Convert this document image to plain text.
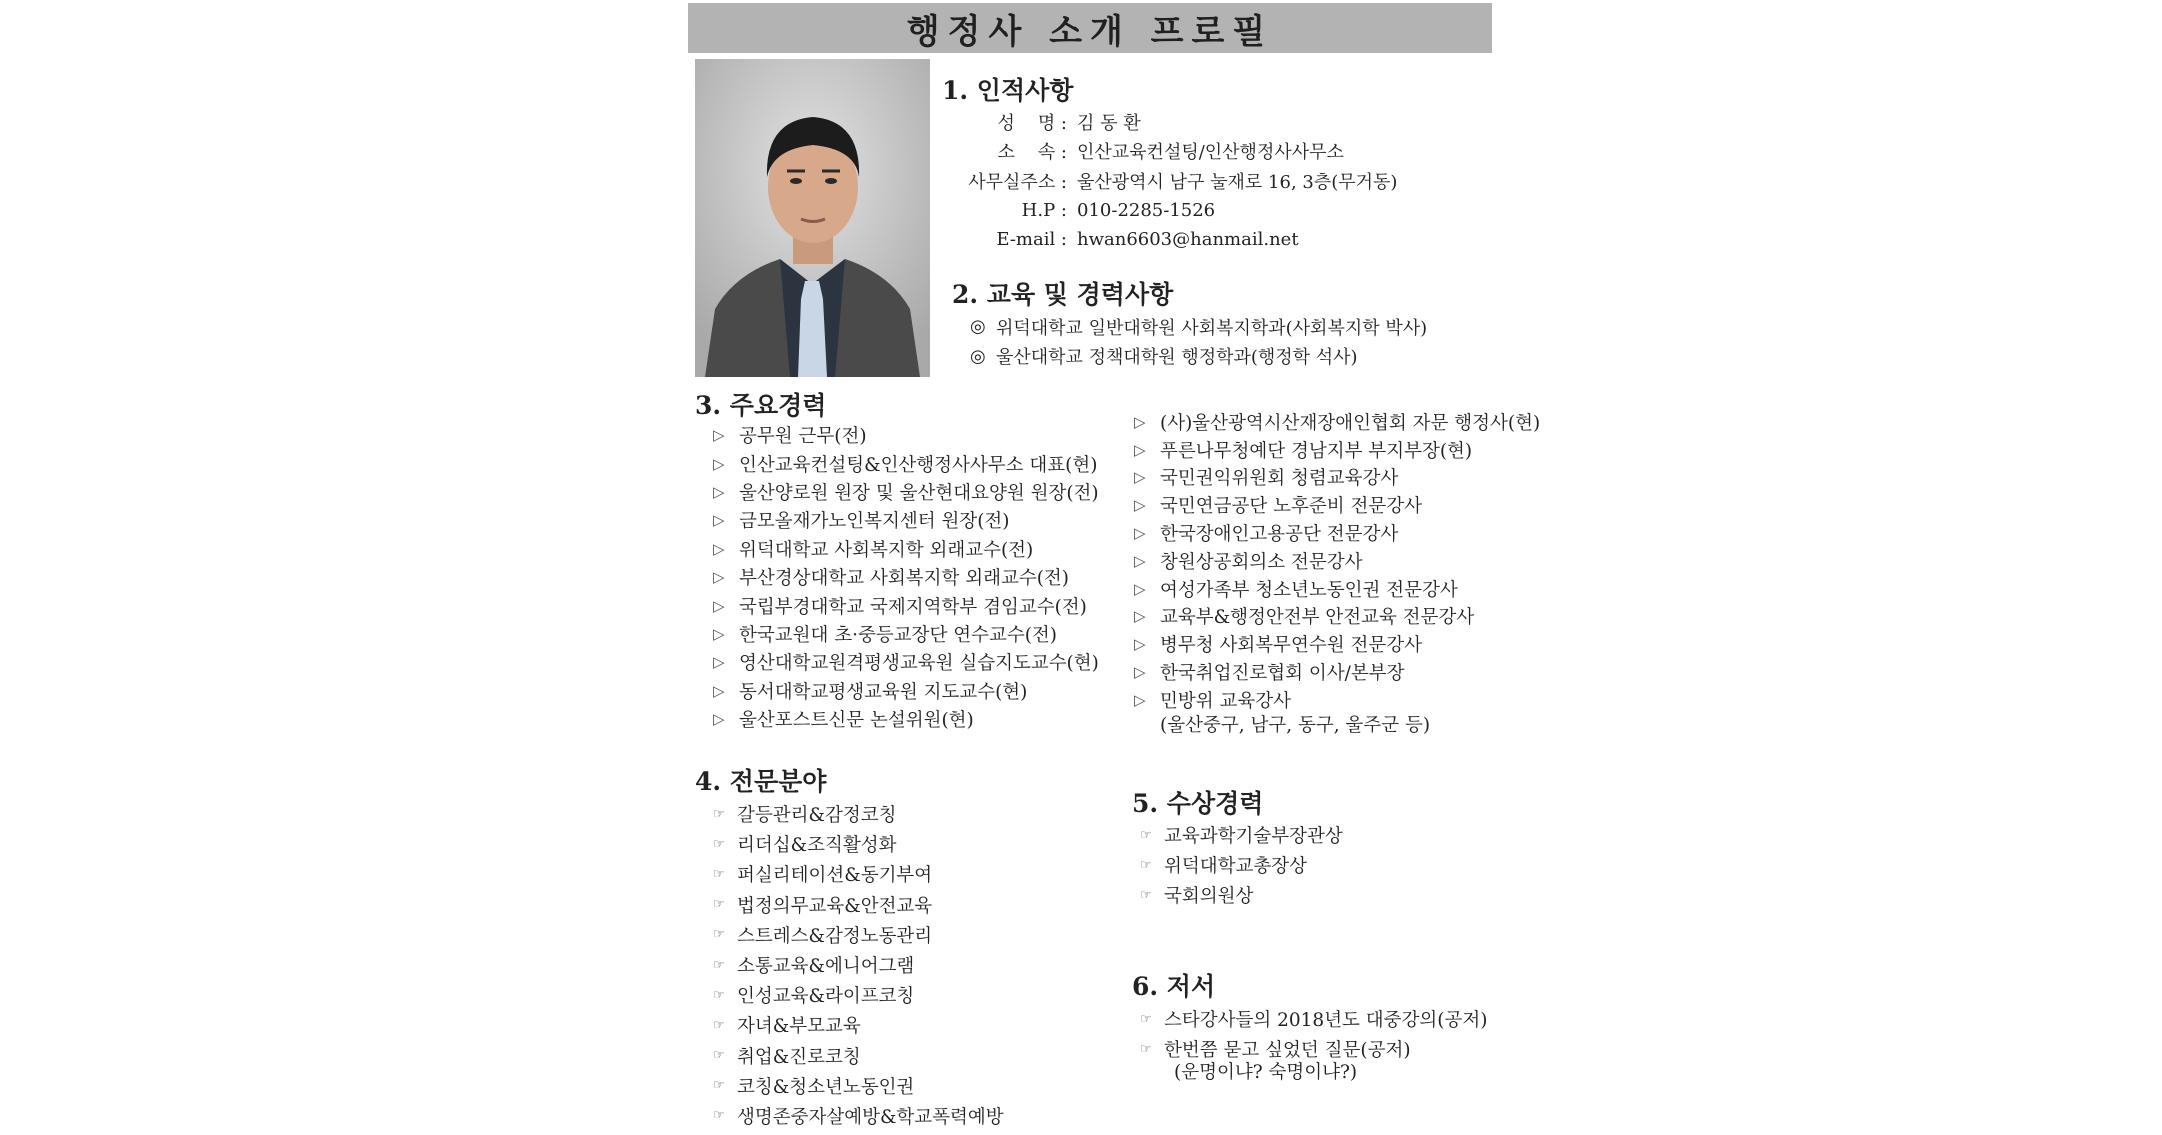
행정사 소개 프로필
1. 인적사항
성    명 : 김 동 환
소    속 : 인산교육컨설팅/인산행정사사무소
사무실주소 : 울산광역시 남구 눌재로 16, 3층(무거동)
H.P : 010-2285-1526
E-mail : hwan6603@hanmail.net
2. 교육 및 경력사항
◎ 위덕대학교 일반대학원 사회복지학과(사회복지학 박사)
◎ 울산대학교 정책대학원 행정학과(행정학 석사)
3. 주요경력
▷ 공무원 근무(전)
▷ 인산교육컨설팅&인산행정사사무소 대표(현)
▷ 울산양로원 원장 및 울산현대요양원 원장(전)
▷ 금모올재가노인복지센터 원장(전)
▷ 위덕대학교 사회복지학 외래교수(전)
▷ 부산경상대학교 사회복지학 외래교수(전)
▷ 국립부경대학교 국제지역학부 겸임교수(전)
▷ 한국교원대 초·중등교장단 연수교수(전)
▷ 영산대학교원격평생교육원 실습지도교수(현)
▷ 동서대학교평생교육원 지도교수(현)
▷ 울산포스트신문 논설위원(현)
▷ (사)울산광역시산재장애인협회 자문 행정사(현)
▷ 푸른나무청예단 경남지부 부지부장(현)
▷ 국민권익위원회 청렴교육강사
▷ 국민연금공단 노후준비 전문강사
▷ 한국장애인고용공단 전문강사
▷ 창원상공회의소 전문강사
▷ 여성가족부 청소년노동인권 전문강사
▷ 교육부&행정안전부 안전교육 전문강사
▷ 병무청 사회복무연수원 전문강사
▷ 한국취업진로협회 이사/본부장
▷ 민방위 교육강사
(울산중구, 남구, 동구, 울주군 등)
4. 전문분야
☞ 갈등관리&감정코칭
☞ 리더십&조직활성화
☞ 퍼실리테이션&동기부여
☞ 법정의무교육&안전교육
☞ 스트레스&감정노동관리
☞ 소통교육&에니어그램
☞ 인성교육&라이프코칭
☞ 자녀&부모교육
☞ 취업&진로코칭
☞ 코칭&청소년노동인권
☞ 생명존중자살예방&학교폭력예방
5. 수상경력
☞ 교육과학기술부장관상
☞ 위덕대학교총장상
☞ 국회의원상
6. 저서
☞ 스타강사들의 2018년도 대중강의(공저)
☞ 한번쯤 묻고 싶었던 질문(공저)
(운명이냐? 숙명이냐?)
